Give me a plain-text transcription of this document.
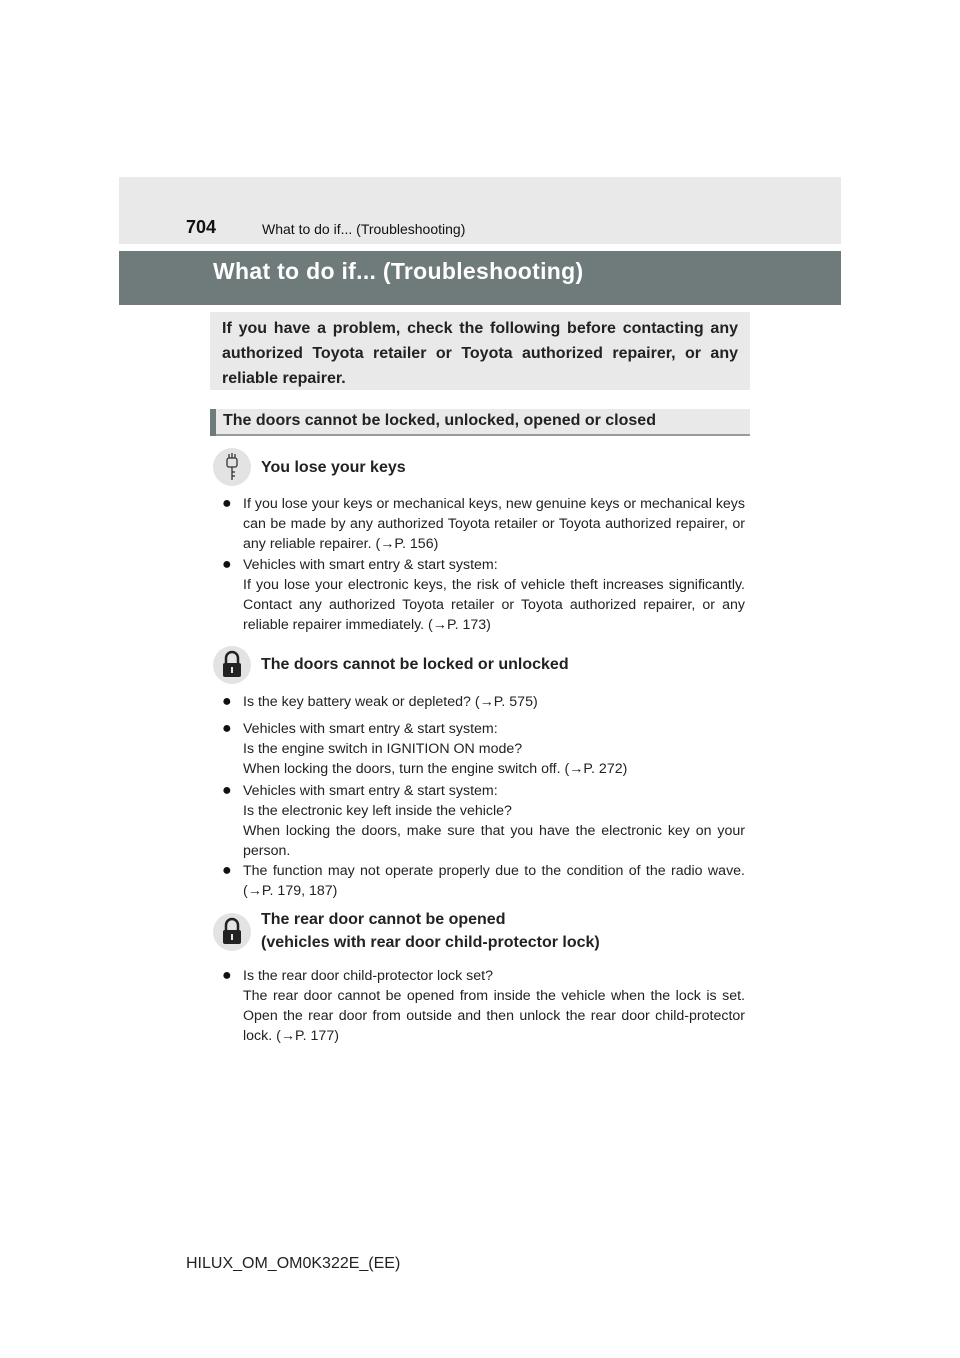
704	What to do if... (Troubleshooting)
What to do if... (Troubleshooting)
If you have a problem, check the following before contacting any authorized Toyota retailer or Toyota authorized repairer, or any reliable repairer.
The doors cannot be locked, unlocked, opened or closed
You lose your keys
● If you lose your keys or mechanical keys, new genuine keys or mechanical keys can be made by any authorized Toyota retailer or Toyota authorized repairer, or any reliable repairer. (→P. 156)
● Vehicles with smart entry & start system:
If you lose your electronic keys, the risk of vehicle theft increases significantly. Contact any authorized Toyota retailer or Toyota authorized repairer, or any reliable repairer immediately. (→P. 173)
The doors cannot be locked or unlocked
● Is the key battery weak or depleted? (→P. 575)
● Vehicles with smart entry & start system:
Is the engine switch in IGNITION ON mode?
When locking the doors, turn the engine switch off. (→P. 272)
● Vehicles with smart entry & start system:
Is the electronic key left inside the vehicle?
When locking the doors, make sure that you have the electronic key on your person.
● The function may not operate properly due to the condition of the radio wave. (→P. 179, 187)
The rear door cannot be opened
(vehicles with rear door child-protector lock)
● Is the rear door child-protector lock set?
The rear door cannot be opened from inside the vehicle when the lock is set. Open the rear door from outside and then unlock the rear door child-protector lock. (→P. 177)
HILUX_OM_OM0K322E_(EE)
